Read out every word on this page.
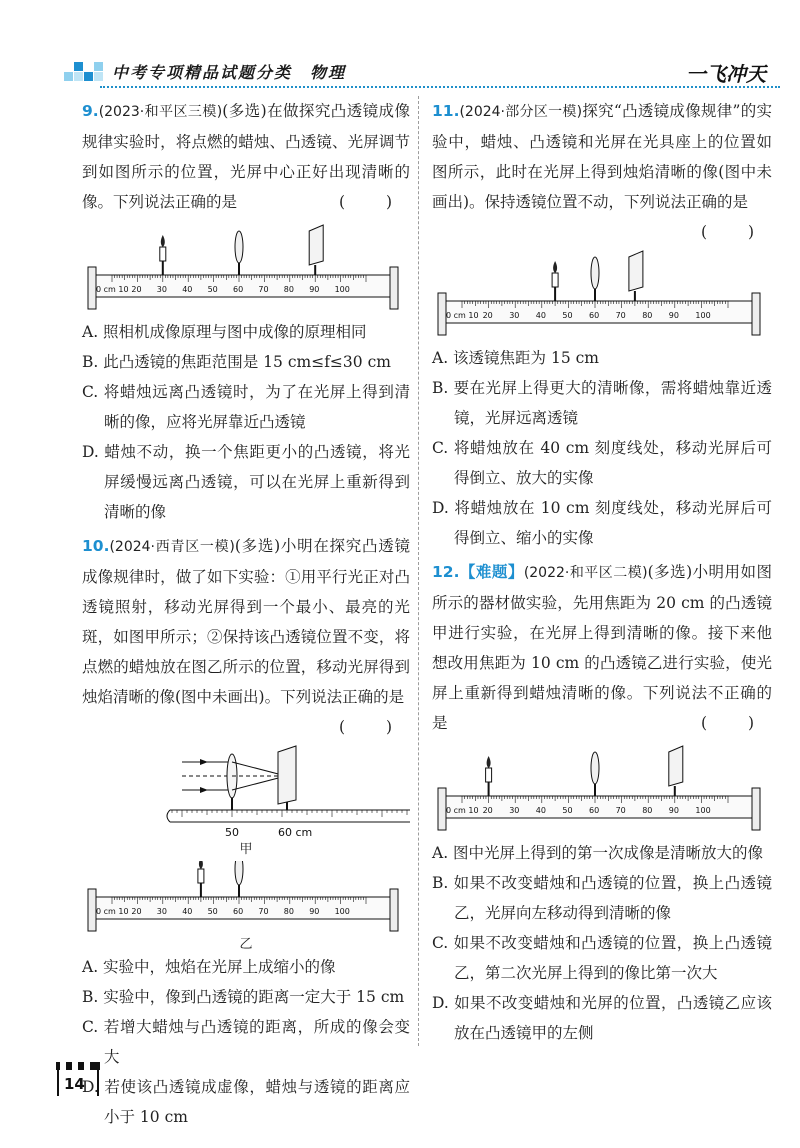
中考专项精品试题分类　物理	一飞冲天
9.(2023·和平区三模)(多选)在做探究凸透镜成像规律实验时，将点燃的蜡烛、凸透镜、光屏调节到如图所示的位置，光屏中心正好出现清晰的像。下列说法正确的是	( )
0 cm 10 20 30 40 50 60 70 80 90 100
A. 照相机成像原理与图中成像的原理相同
B. 此凸透镜的焦距范围是 15 cm≤f≤30 cm
C. 将蜡烛远离凸透镜时，为了在光屏上得到清晰的像，应将光屏靠近凸透镜
D. 蜡烛不动，换一个焦距更小的凸透镜，将光屏缓慢远离凸透镜，可以在光屏上重新得到清晰的像
10.(2024·西青区一模)(多选)小明在探究凸透镜成像规律时，做了如下实验：①用平行光正对凸透镜照射，移动光屏得到一个最小、最亮的光斑，如图甲所示；②保持该凸透镜位置不变，将点燃的蜡烛放在图乙所示的位置，移动光屏得到烛焰清晰的像(图中未画出)。下列说法正确的是
( )
50	60 cm
甲
0 cm 10 20 30 40 50 60 70 80 90 100
乙
A. 实验中，烛焰在光屏上成缩小的像
B. 实验中，像到凸透镜的距离一定大于 15 cm
C. 若增大蜡烛与凸透镜的距离，所成的像会变大
D. 若使该凸透镜成虚像，蜡烛与透镜的距离应小于 10 cm
11.(2024·部分区一模)探究“凸透镜成像规律”的实验中，蜡烛、凸透镜和光屏在光具座上的位置如图所示，此时在光屏上得到烛焰清晰的像(图中未画出)。保持透镜位置不动，下列说法正确的是
( )
0 cm 10 20 30 40 50 60 70 80 90 100
A. 该透镜焦距为 15 cm
B. 要在光屏上得更大的清晰像，需将蜡烛靠近透镜，光屏远离透镜
C. 将蜡烛放在 40 cm 刻度线处，移动光屏后可得倒立、放大的实像
D. 将蜡烛放在 10 cm 刻度线处，移动光屏后可得倒立、缩小的实像
12.【难题】(2022·和平区二模)(多选)小明用如图所示的器材做实验，先用焦距为 20 cm 的凸透镜甲进行实验，在光屏上得到清晰的像。接下来他想改用焦距为 10 cm 的凸透镜乙进行实验，使光屏上重新得到蜡烛清晰的像。下列说法不正确的是	( )
0 cm 10 20 30 40 50 60 70 80 90 100
A. 图中光屏上得到的第一次成像是清晰放大的像
B. 如果不改变蜡烛和凸透镜的位置，换上凸透镜乙，光屏向左移动得到清晰的像
C. 如果不改变蜡烛和凸透镜的位置，换上凸透镜乙，第二次光屏上得到的像比第一次大
D. 如果不改变蜡烛和光屏的位置，凸透镜乙应该放在凸透镜甲的左侧
14
